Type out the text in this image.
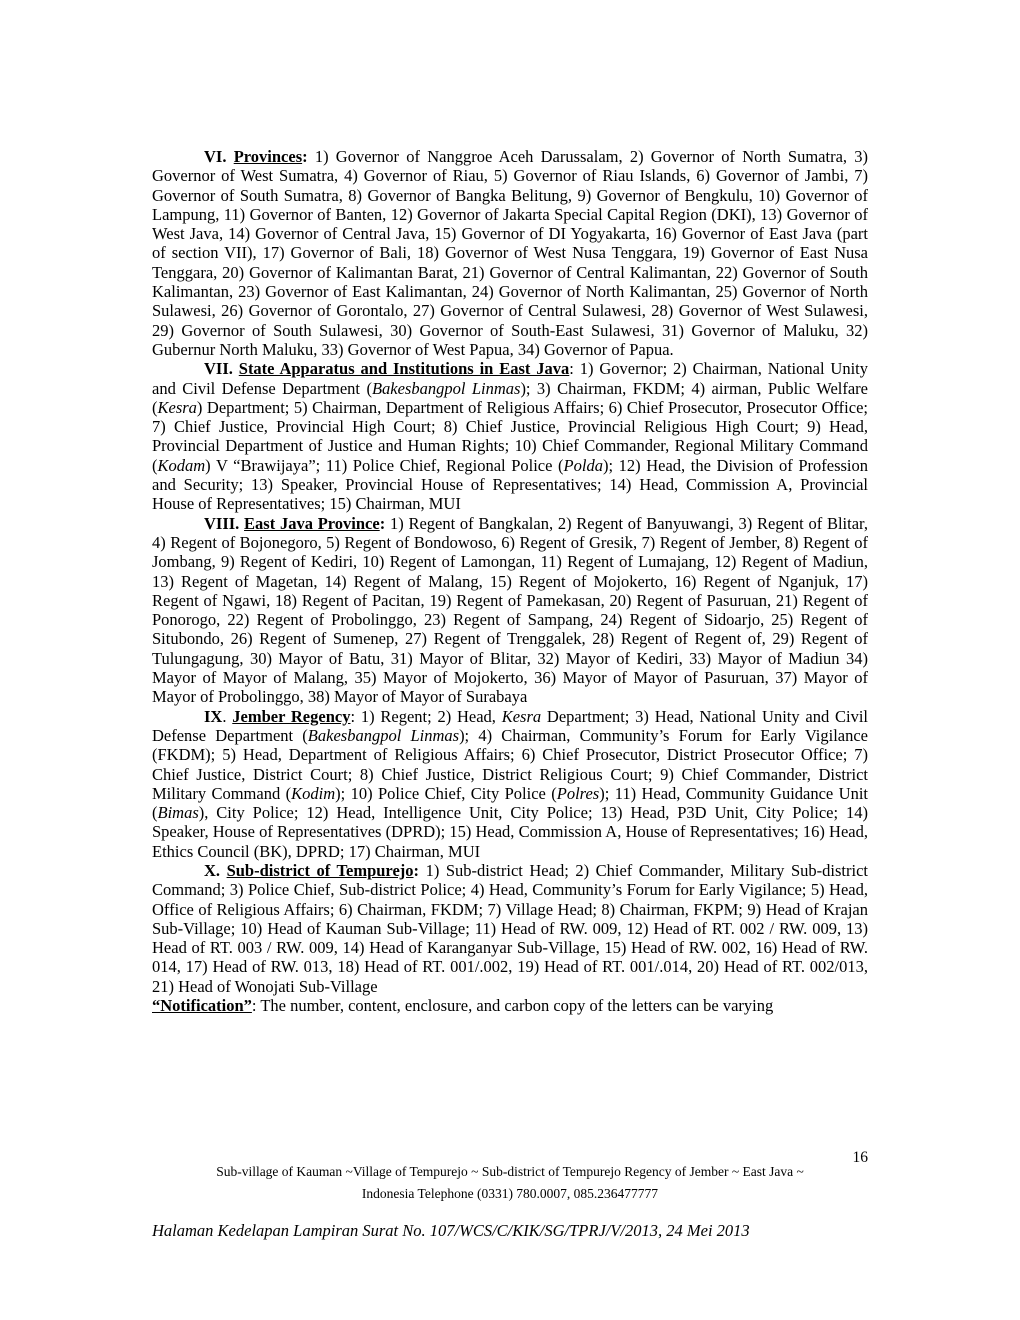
VI. Provinces: 1) Governor of Nanggroe Aceh Darussalam, 2) Governor of North Sumatra, 3) Governor of West Sumatra, 4) Governor of Riau, 5) Governor of Riau Islands, 6) Governor of Jambi, 7) Governor of South Sumatra, 8) Governor of Bangka Belitung, 9) Governor of Bengkulu, 10) Governor of Lampung, 11) Governor of Banten, 12) Governor of Jakarta Special Capital Region (DKI), 13) Governor of West Java, 14) Governor of Central Java, 15) Governor of DI Yogyakarta, 16) Governor of East Java (part of section VII), 17) Governor of Bali, 18) Governor of West Nusa Tenggara, 19) Governor of East Nusa Tenggara, 20) Governor of Kalimantan Barat, 21) Governor of Central Kalimantan, 22) Governor of South Kalimantan, 23) Governor of East Kalimantan, 24) Governor of North Kalimantan, 25) Governor of North Sulawesi, 26) Governor of Gorontalo, 27) Governor of Central Sulawesi, 28) Governor of West Sulawesi, 29) Governor of South Sulawesi, 30) Governor of South-East Sulawesi, 31) Governor of Maluku, 32) Gubernur North Maluku, 33) Governor of West Papua, 34) Governor of Papua.

VII. State Apparatus and Institutions in East Java: 1) Governor; 2) Chairman, National Unity and Civil Defense Department (Bakesbangpol Linmas); 3) Chairman, FKDM; 4) airman, Public Welfare (Kesra) Department; 5) Chairman, Department of Religious Affairs; 6) Chief Prosecutor, Prosecutor Office; 7) Chief Justice, Provincial High Court; 8) Chief Justice, Provincial Religious High Court; 9) Head, Provincial Department of Justice and Human Rights; 10) Chief Commander, Regional Military Command (Kodam) V “Brawijaya”; 11) Police Chief, Regional Police (Polda); 12) Head, the Division of Profession and Security; 13) Speaker, Provincial House of Representatives; 14) Head, Commission A, Provincial House of Representatives; 15) Chairman, MUI

VIII. East Java Province: 1) Regent of Bangkalan, 2) Regent of Banyuwangi, 3) Regent of Blitar, 4) Regent of Bojonegoro, 5) Regent of Bondowoso, 6) Regent of Gresik, 7) Regent of Jember, 8) Regent of Jombang, 9) Regent of Kediri, 10) Regent of Lamongan, 11) Regent of Lumajang, 12) Regent of Madiun, 13) Regent of Magetan, 14) Regent of Malang, 15) Regent of Mojokerto, 16) Regent of Nganjuk, 17) Regent of Ngawi, 18) Regent of Pacitan, 19) Regent of Pamekasan, 20) Regent of Pasuruan, 21) Regent of Ponorogo, 22) Regent of Probolinggo, 23) Regent of Sampang, 24) Regent of Sidoarjo, 25) Regent of Situbondo, 26) Regent of Sumenep, 27) Regent of Trenggalek, 28) Regent of Regent of, 29) Regent of Tulungagung, 30) Mayor of Batu, 31) Mayor of Blitar, 32) Mayor of Kediri, 33) Mayor of Madiun 34) Mayor of Mayor of Malang, 35) Mayor of Mojokerto, 36) Mayor of Mayor of Pasuruan, 37) Mayor of Mayor of Probolinggo, 38) Mayor of Mayor of Surabaya

IX. Jember Regency: 1) Regent; 2) Head, Kesra Department; 3) Head, National Unity and Civil Defense Department (Bakesbangpol Linmas); 4) Chairman, Community’s Forum for Early Vigilance (FKDM); 5) Head, Department of Religious Affairs; 6) Chief Prosecutor, District Prosecutor Office; 7) Chief Justice, District Court; 8) Chief Justice, District Religious Court; 9) Chief Commander, District Military Command (Kodim); 10) Police Chief, City Police (Polres); 11) Head, Community Guidance Unit (Bimas), City Police; 12) Head, Intelligence Unit, City Police; 13) Head, P3D Unit, City Police; 14) Speaker, House of Representatives (DPRD); 15) Head, Commission A, House of Representatives; 16) Head, Ethics Council (BK), DPRD; 17) Chairman, MUI

X. Sub-district of Tempurejo: 1) Sub-district Head; 2) Chief Commander, Military Sub-district Command; 3) Police Chief, Sub-district Police; 4) Head, Community’s Forum for Early Vigilance; 5) Head, Office of Religious Affairs; 6) Chairman, FKDM; 7) Village Head; 8) Chairman, FKPM; 9) Head of Krajan Sub-Village; 10) Head of Kauman Sub-Village; 11) Head of RW. 009, 12) Head of RT. 002 / RW. 009, 13) Head of RT. 003 / RW. 009, 14) Head of Karanganyar Sub-Village, 15) Head of RW. 002, 16) Head of RW. 014, 17) Head of RW. 013, 18) Head of RT. 001/.002, 19) Head of RT. 001/.014, 20) Head of RT. 002/013, 21) Head of Wonojati Sub-Village

“Notification”: The number, content, enclosure, and carbon copy of the letters can be varying

16
Sub-village of Kauman ~Village of Tempurejo ~ Sub-district of Tempurejo Regency of Jember ~ East Java ~
Indonesia Telephone (0331) 780.0007, 085.236477777
Halaman Kedelapan Lampiran Surat No. 107/WCS/C/KIK/SG/TPRJ/V/2013, 24 Mei 2013
